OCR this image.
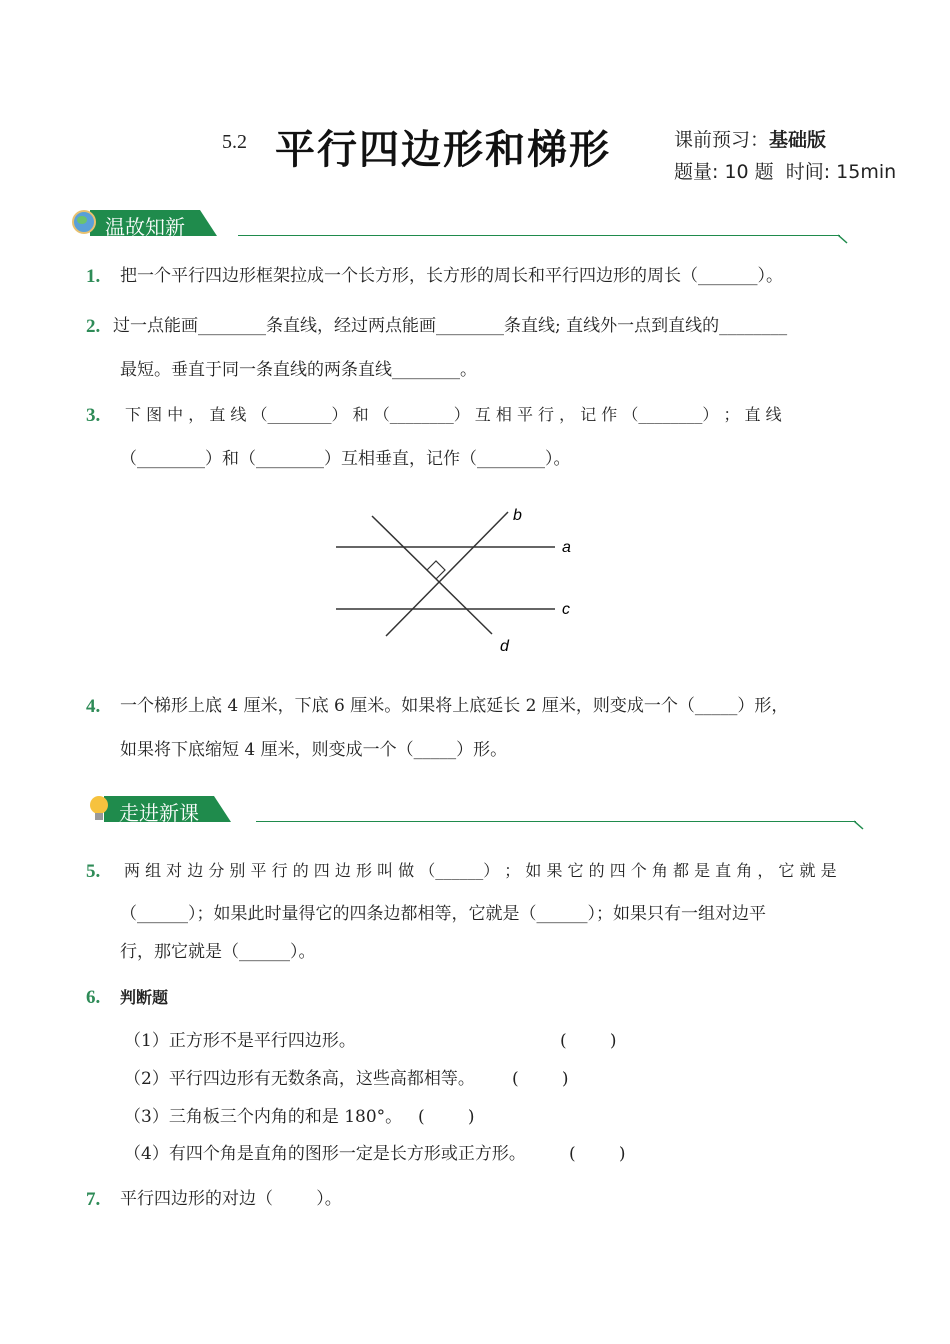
5.2 平行四边形和梯形	课前预习：基础版
题量: 10 题  时间: 15min
温故知新
1. 把一个平行四边形框架拉成一个长方形，长方形的周长和平行四边形的周长（_______）。
2. 过一点能画________条直线，经过两点能画________条直线; 直线外一点到直线的________
最短。垂直于同一条直线的两条直线________。
3. 下 图 中 ， 直 线 （________） 和 （________） 互 相 平 行 ， 记 作 （________） ； 直 线
（________）和（________）互相垂直，记作（________）。
b
a
c
d
4. 一个梯形上底 4 厘米，下底 6 厘米。如果将上底延长 2 厘米，则变成一个（_____）形，
如果将下底缩短 4 厘米，则变成一个（_____）形。
走进新课
5. 两 组 对 边 分 别 平 行 的 四 边 形 叫 做 （______） ； 如 果 它 的 四 个 角 都 是 直 角 ， 它 就 是
（______）；如果此时量得它的四条边都相等，它就是（______）；如果只有一组对边平
行，那它就是（______）。
6. 判断题
（1）正方形不是平行四边形。	(        )
（2）平行四边形有无数条高，这些高都相等。 (        )
（3）三角板三个内角的和是 180°。 (        )
（4）有四个角是直角的图形一定是长方形或正方形。	(        )
7. 平行四边形的对边（        ）。
